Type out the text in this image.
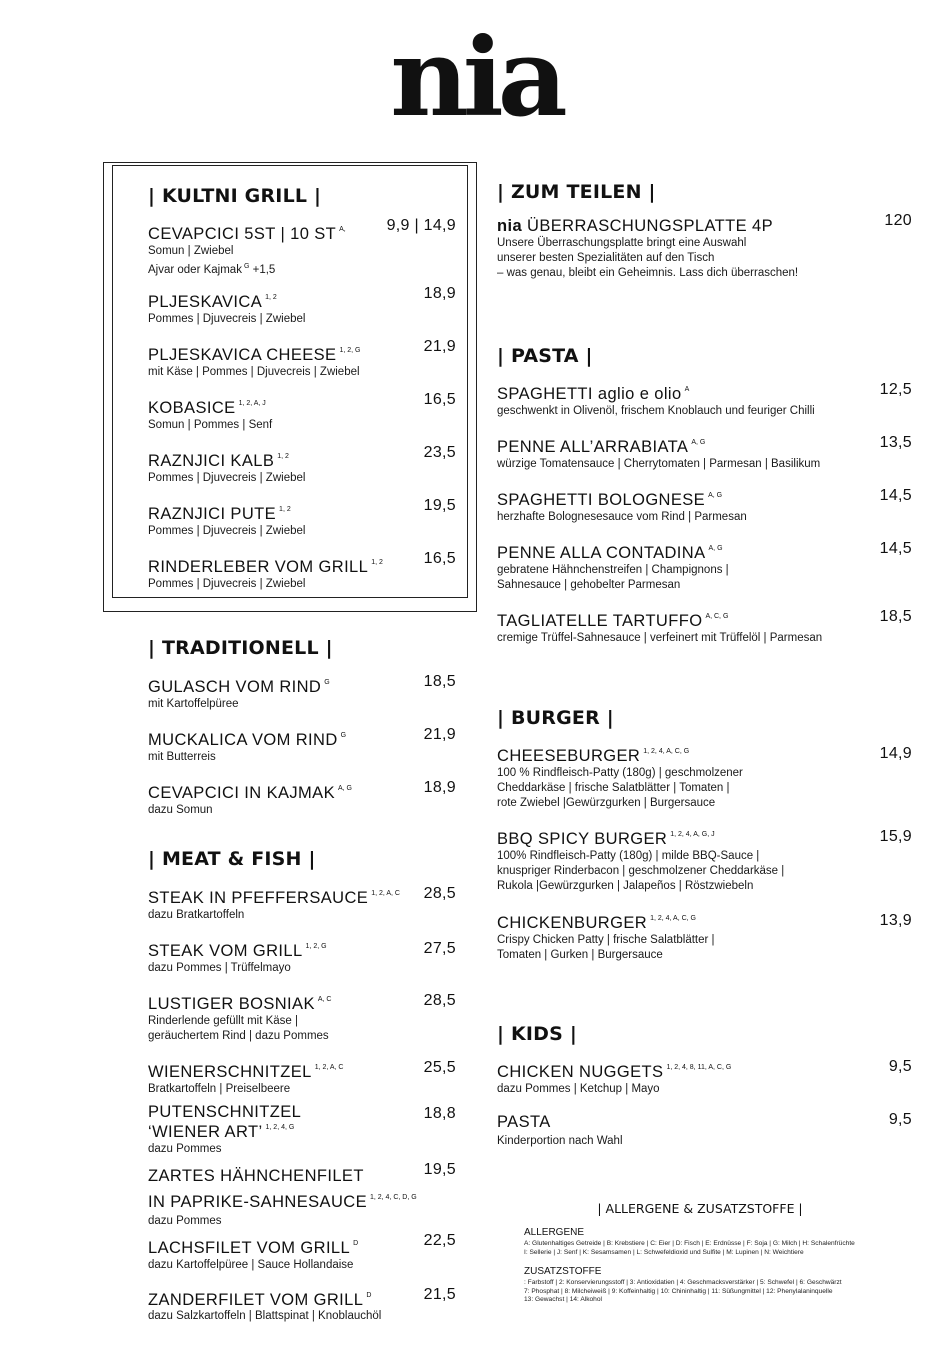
nia
| KULTNI GRILL |
CEVAPCICI 5ST | 10 ST $^{A,}$
Somun | Zwiebel
Ajvar oder Kajmak $^G$ +1,5
9,9 | 14,9
PLJESKAVICA $^{1, 2}$
Pommes | Djuvecreis | Zwiebel
18,9
PLJESKAVICA CHEESE $^{1, 2, G}$
mit Käse | Pommes | Djuvecreis | Zwiebel
21,9
KOBASICE $^{1, 2, A, J}$
Somun | Pommes | Senf
16,5
RAZNJICI KALB $^{1, 2}$
Pommes | Djuvecreis | Zwiebel
23,5
RAZNJICI PUTE $^{1, 2}$
Pommes | Djuvecreis | Zwiebel
19,5
RINDERLEBER VOM GRILL $^{1, 2}$
Pommes | Djuvecreis | Zwiebel
16,5
| TRADITIONELL |
GULASCH VOM RIND $^G$
mit Kartoffelpüree
18,5
MUCKALICA VOM RIND $^G$
mit Butterreis
21,9
CEVAPCICI IN KAJMAK $^{A, G}$
dazu Somun
18,9
| MEAT & FISH |
STEAK IN PFEFFERSAUCE $^{1, 2, A, C}$
dazu Bratkartoffeln
28,5
STEAK VOM GRILL $^{1, 2, G}$
dazu Pommes | Trüffelmayo
27,5
LUSTIGER BOSNIAK $^{A, C}$
Rinderlende gefüllt mit Käse |
geräuchertem Rind | dazu Pommes
28,5
WIENERSCHNITZEL $^{1, 2, A, C}$
Bratkartoffeln | Preiselbeere
25,5
PUTENSCHNITZEL
‘WIENER ART’ $^{1, 2, 4, G}$
dazu Pommes
18,8
ZARTES HÄHNCHENFILET
IN PAPRIKE-SAHNESAUCE $^{1, 2, 4, C, D, G}$
dazu Pommes
19,5
LACHSFILET VOM GRILL $^D$
dazu Kartoffelpüree | Sauce Hollandaise
22,5
ZANDERFILET VOM GRILL $^D$
dazu Salzkartoffeln | Blattspinat | Knoblauchöl
21,5
| ZUM TEILEN |
nia ÜBERRASCHUNGSPLATTE 4P
Unsere Überraschungsplatte bringt eine Auswahl
unserer besten Spezialitäten auf den Tisch
– was genau, bleibt ein Geheimnis. Lass dich überraschen!
120
| PASTA |
SPAGHETTI aglio e olio $^A$
geschwenkt in Olivenöl, frischem Knoblauch und feuriger Chilli
12,5
PENNE ALL’ARRABIATA $^{A, G}$
würzige Tomatensauce | Cherrytomaten | Parmesan | Basilikum
13,5
SPAGHETTI BOLOGNESE $^{A, G}$
herzhafte Bolognesesauce vom Rind | Parmesan
14,5
PENNE ALLA CONTADINA $^{A, G}$
gebratene Hähnchenstreifen | Champignons |
Sahnesauce | gehobelter Parmesan
14,5
TAGLIATELLE TARTUFFO $^{A, C, G}$
cremige Trüffel-Sahnesauce | verfeinert mit Trüffelöl | Parmesan
18,5
| BURGER |
CHEESEBURGER $^{1, 2, 4, A, C, G}$
100 % Rindfleisch-Patty (180g) | geschmolzener
Cheddarkäse | frische Salatblätter | Tomaten |
rote Zwiebel |Gewürzgurken | Burgersauce
14,9
BBQ SPICY BURGER $^{1, 2, 4, A, G, J}$
100% Rindfleisch-Patty (180g) | milde BBQ-Sauce |
knuspriger Rinderbacon | geschmolzener Cheddarkäse |
Rukola |Gewürzgurken | Jalapeños | Röstzwiebeln
15,9
CHICKENBURGER $^{1, 2, 4, A, C, G}$
Crispy Chicken Patty | frische Salatblätter |
Tomaten | Gurken | Burgersauce
13,9
| KIDS |
CHICKEN NUGGETS $^{1, 2, 4, 8, 11, A, C, G}$
dazu Pommes | Ketchup | Mayo
9,5
PASTA
Kinderportion nach Wahl
9,5
| ALLERGENE & ZUSATZSTOFFE |
ALLERGENE
A: Glutenhaltiges Getreide | B: Krebstiere | C: Eier | D: Fisch | E: Erdnüsse | F: Soja | G: Milch | H: Schalenfrüchte
I: Sellerie | J: Senf | K: Sesamsamen | L: Schwefeldioxid und Sulfite | M: Lupinen | N: Weichtiere
ZUSATZSTOFFE
: Farbstoff | 2: Konservierungsstoff | 3: Antioxidatien | 4: Geschmacksverstärker | 5: Schwefel | 6: Geschwärzt
7: Phosphat | 8: Milcheiweiß | 9: Koffeinhaltig | 10: Chininhaltig | 11: Süßungmittel | 12: Phenylalaninquelle
13: Gewachst | 14: Alkohol
